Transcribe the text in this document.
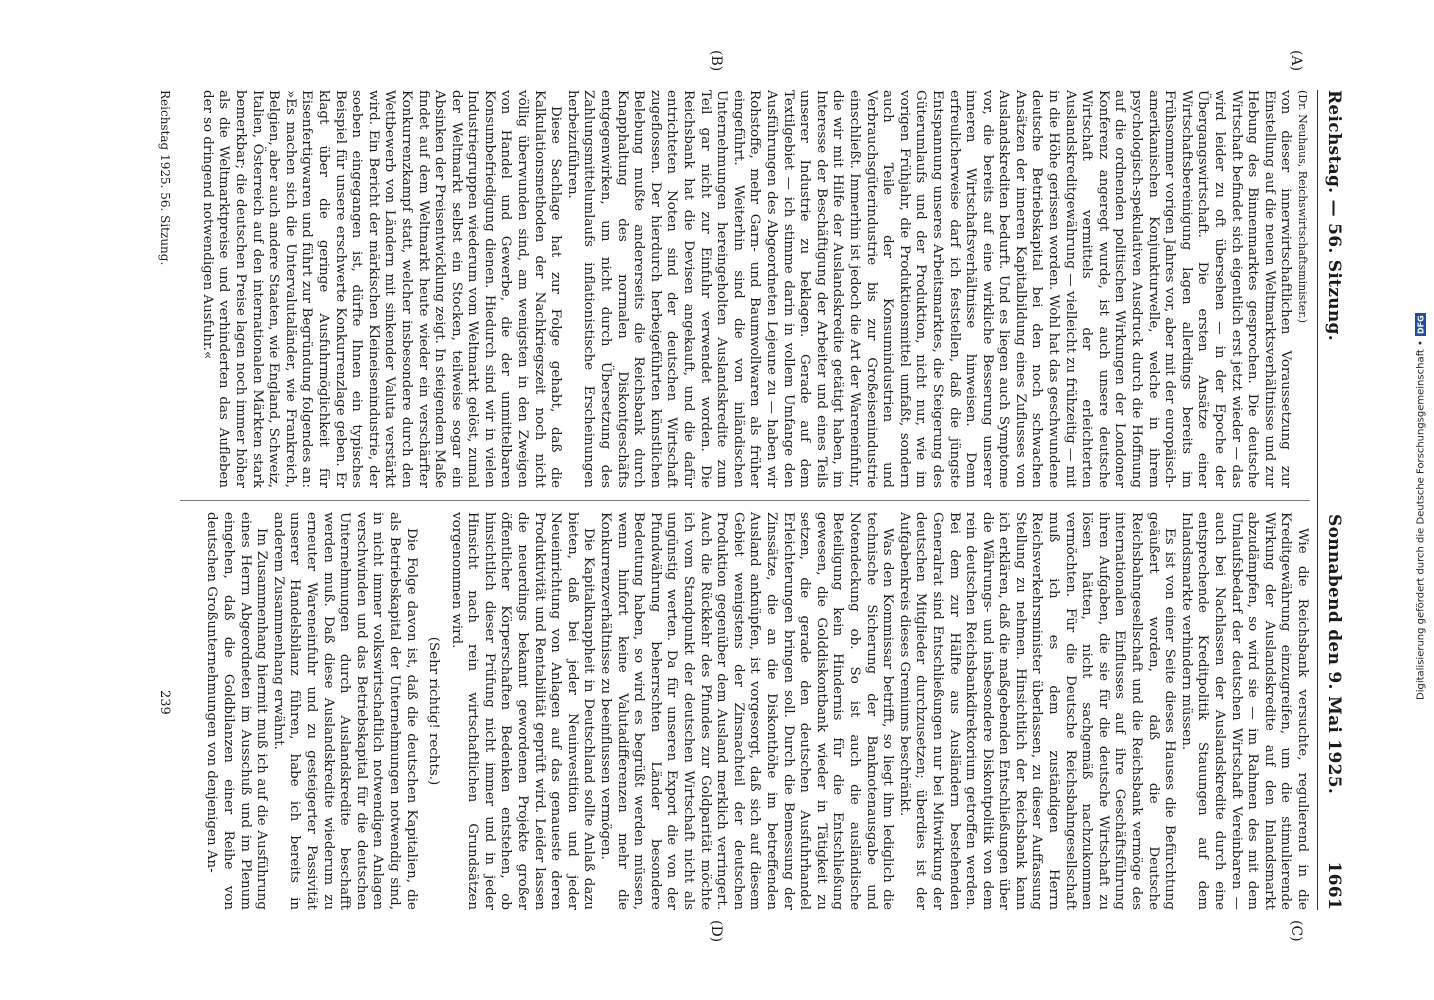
Reichstag. — 56. Sitzung.
Sonnabend den 9. Mai 1925.
1661

(Dr. Neuhaus, Reichswirtschaftsminister.)

von dieser innerwirtschaftlichen Voraussetzung zur Einstellung auf die neuen Weltmarktsverhältnisse und zur Hebung des Binnenmarktes gesprochen. Die deutsche Wirtschaft befindet sich eigentlich erst jetzt wieder — das wird leider zu oft übersehen — in der Epoche der Übergangswirtschaft. Die ersten Ansätze einer Wirtschaftsbereinigung lagen allerdings bereits im Frühsommer vorigen Jahres vor, aber mit der europäisch-amerikanischen Konjunkturwelle, welche in ihrem psychologisch-spekulativen Ausdruck durch die Hoffnung auf die ordnenden politischen Wirkungen der Londoner Konferenz angeregt wurde, ist auch unsere deutsche Wirtschaft vermittels der erleichterten Auslandskreditgewährung — vielleicht zu frühzeitig — mit in die Höhe gerissen worden. Wohl hat das geschwundene deutsche Betriebskapital bei den noch schwachen Ansätzen der inneren Kapitalbildung eines Zuflusses von Auslandskrediten bedurft. Und es liegen auch Symptome vor, die bereits auf eine wirkliche Besserung unserer inneren Wirtschaftsverhältnisse hinweisen. Denn erfreulicherweise darf ich feststellen, daß die jüngste Entspannung unseres Arbeitsmarktes, die Steigerung des Güterumlaufs und der Produktion, nicht nur, wie im vorigen Frühjahr, die Produktionsmittel umfaßt, sondern auch Teile der Konsumindustrien und Verbrauchsgüterindustrie bis zur Großeisenindustrie einschließt. Immerhin ist jedoch die Art der Wareneinfuhr, die wir mit Hilfe der Auslandskredite getätigt haben, im Interesse der Beschäftigung der Arbeiter und eines Teils unserer Industrie zu beklagen. Gerade auf dem Textilgebiet — ich stimme darin in vollem Umfange den Ausführungen des Abgeordneten Lejeune zu — haben wir Rohstoffe, mehr Garn- und Baumwollwaren als früher eingeführt. Weiterhin sind die von inländischen Unternehmungen hereingeholten Auslandskredite zum Teil gar nicht zur Einfuhr verwendet worden. Die Reichsbank hat die Devisen angekauft, und die dafür entrichteten Noten sind der deutschen Wirtschaft zugeflossen. Der hierdurch herbeigeführten künstlichen Belebung mußte andererseits die Reichsbank durch Knapphaltung des normalen Diskontgeschäfts entgegenwirken, um nicht durch Übersetzung des Zahlungsmittelumlaufs inflationistische Erscheinungen herbeizuführen.

Diese Sachlage hat zur Folge gehabt, daß die Kalkulationsmethoden der Nachkriegszeit noch nicht völlig überwunden sind, am wenigsten in den Zweigen von Handel und Gewerbe, die der unmittelbaren Konsumbefriedigung dienen. Hiedurch sind wir in vielen Industriegruppen wiederum vom Weltmarkt gelöst, zumal der Weltmarkt selbst ein Stocken, teilweise sogar ein Absinken der Preisentwicklung zeigt. In steigendem Maße findet auf dem Weltmarkt heute wieder ein verschärfter Konkurrenzkampf statt, welcher insbesondere durch den Wettbewerb von Ländern mit sinkender Valuta verstärkt wird. Ein Bericht der märkischen Kleineisenindustrie, der soeben eingegangen ist, dürfte Ihnen ein typisches Beispiel für unsere erschwerte Konkurrenzlage geben. Er klagt über die geringe Ausfuhrmöglichkeit für Eisenfertigwaren und führt zur Begründung folgendes an: »Es machen sich die Untervalutaländer, wie Frankreich, Belgien, aber auch andere Staaten, wie England, Schweiz, Italien, Österreich auf den internationalen Märkten stark bemerkbar; die deutschen Preise lagen noch immer höher als die Weltmarktpreise und verhinderten das Aufleben der so dringend notwendigen Ausfuhr.«

Wie die Reichsbank versuchte, regulierend in die Kreditgewährung einzugreifen, um die stimulierende Wirkung der Auslandskredite auf den Inlandsmarkt abzudämpfen, so wird sie — im Rahmen des mit dem Umlaufsbedarf der deutschen Wirtschaft Vereinbaren — auch bei Nachlassen der Auslandskredite durch eine entsprechende Kreditpolitik Stauungen auf dem Inlandsmarkte verhindern müssen.

Es ist von einer Seite dieses Hauses die Befürchtung geäußert worden, daß die Deutsche Reichsbahngesellschaft und die Reichsbank vermöge des internationalen Einflusses auf ihre Geschäftsführung ihren Aufgaben, die sie für die deutsche Wirtschaft zu lösen hätten, nicht sachgemäß nachzukommen vermöchten. Für die Deutsche Reichsbahngesellschaft muß ich es dem zuständigen Herrn Reichsverkehrsminister überlassen, zu dieser Auffassung Stellung zu nehmen. Hinsichtlich der Reichsbank kann ich erklären, daß die maßgebenden Entschließungen über die Währungs- und insbesondere Diskontpolitik von dem rein deutschen Reichsbankdirektorium getroffen werden. Bei dem zur Hälfte aus Ausländern bestehenden Generalrat sind Entschließungen nur bei Mitwirkung der deutschen Mitglieder durchzusetzen; überdies ist der Aufgabenkreis dieses Gremiums beschränkt.

Was den Kommissar betrifft, so liegt ihm lediglich die technische Sicherung der Banknotenausgabe und Notendeckung ob. So ist auch die ausländische Beteiligung kein Hindernis für die Entschließung gewesen, die Golddiskontbank wieder in Tätigkeit zu setzen, die gerade den deutschen Ausfuhrhandel Erleichterungen bringen soll. Durch die Bemessung der Zinssätze, die an die Diskonthöhe im betreffenden Ausland anknüpfen, ist vorgesorgt, daß sich auf diesem Gebiet wenigstens der Zinsnachteil der deutschen Produktion gegenüber dem Ausland merklich verringert. Auch die Rückkehr des Pfundes zur Goldparität möchte ich vom Standpunkt der deutschen Wirtschaft nicht als ungünstig werten. Da für unseren Export die von der Pfundwährung beherrschten Länder besondere Bedeutung haben, so wird es begrüßt werden müssen, wenn hinfort keine Valutadifferenzen mehr die Konkurrenzverhältnisse zu beeinflussen vermögen.

Die Kapitalknappheit in Deutschland sollte Anlaß dazu bieten, daß bei jeder Neuinvestition und jeder Neueinrichtung von Anlagen auf das genaueste deren Produktivität und Rentabilität geprüft wird. Leider lassen die neuerdings bekannt gewordenen Projekte großer öffentlicher Körperschaften Bedenken entstehen, ob hinsichtlich dieser Prüfung nicht immer und in jeder Hinsicht nach rein wirtschaftlichen Grundsätzen vorgenommen wird.

(Sehr richtig! rechts.)

Die Folge davon ist, daß die deutschen Kapitalien, die als Betriebskapital der Unternehmungen notwendig sind, in nicht immer volkswirtschaftlich notwendigen Anlagen verschwinden und das Betriebskapital für die deutschen Unternehmungen durch Auslandskredite beschafft werden muß. Daß diese Auslandskredite wiederum zu erneuter Wareneinfuhr und zu gesteigerter Passivität unserer Handelsbilanz führen, habe ich bereits in anderem Zusammenhang erwähnt.

Im Zusammenhang hiermit muß ich auf die Ausführung eines Herrn Abgeordneten im Ausschuß und im Plenum eingehen, daß die Goldbilanzen einer Reihe von deutschen Großunternehmungen von denjenigen An-

(A)
(B)
(C)
(D)
Reichstag 1925. 56. Sitzung.
239
Digitalisierung gefördert durch die Deutsche Forschungsgemeinschaft •
DFG
